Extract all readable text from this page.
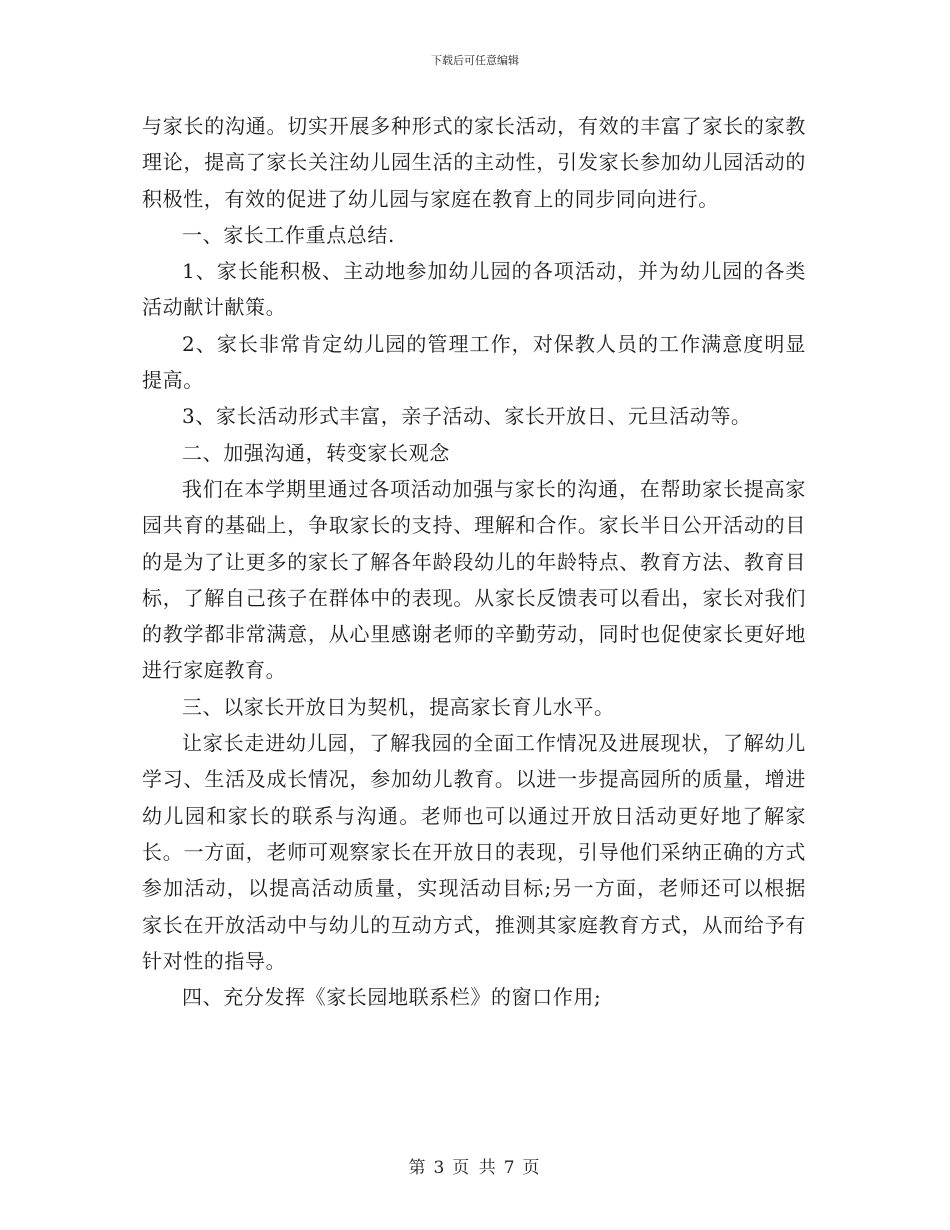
下载后可任意编辑

与家长的沟通。切实开展多种形式的家长活动，有效的丰富了家长的家教理论，提高了家长关注幼儿园生活的主动性，引发家长参加幼儿园活动的积极性，有效的促进了幼儿园与家庭在教育上的同步同向进行。

一、家长工作重点总结.

1、家长能积极、主动地参加幼儿园的各项活动，并为幼儿园的各类活动献计献策。

2、家长非常肯定幼儿园的管理工作，对保教人员的工作满意度明显提高。

3、家长活动形式丰富，亲子活动、家长开放日、元旦活动等。

二、加强沟通，转变家长观念

我们在本学期里通过各项活动加强与家长的沟通，在帮助家长提高家园共育的基础上，争取家长的支持、理解和合作。家长半日公开活动的目的是为了让更多的家长了解各年龄段幼儿的年龄特点、教育方法、教育目标，了解自己孩子在群体中的表现。从家长反馈表可以看出，家长对我们的教学都非常满意，从心里感谢老师的辛勤劳动，同时也促使家长更好地进行家庭教育。

三、以家长开放日为契机，提高家长育儿水平。

让家长走进幼儿园，了解我园的全面工作情况及进展现状，了解幼儿学习、生活及成长情况，参加幼儿教育。以进一步提高园所的质量，增进幼儿园和家长的联系与沟通。老师也可以通过开放日活动更好地了解家长。一方面，老师可观察家长在开放日的表现，引导他们采纳正确的方式参加活动，以提高活动质量，实现活动目标;另一方面，老师还可以根据家长在开放活动中与幼儿的互动方式，推测其家庭教育方式，从而给予有针对性的指导。

四、充分发挥《家长园地联系栏》的窗口作用;

第 3 页 共 7 页
